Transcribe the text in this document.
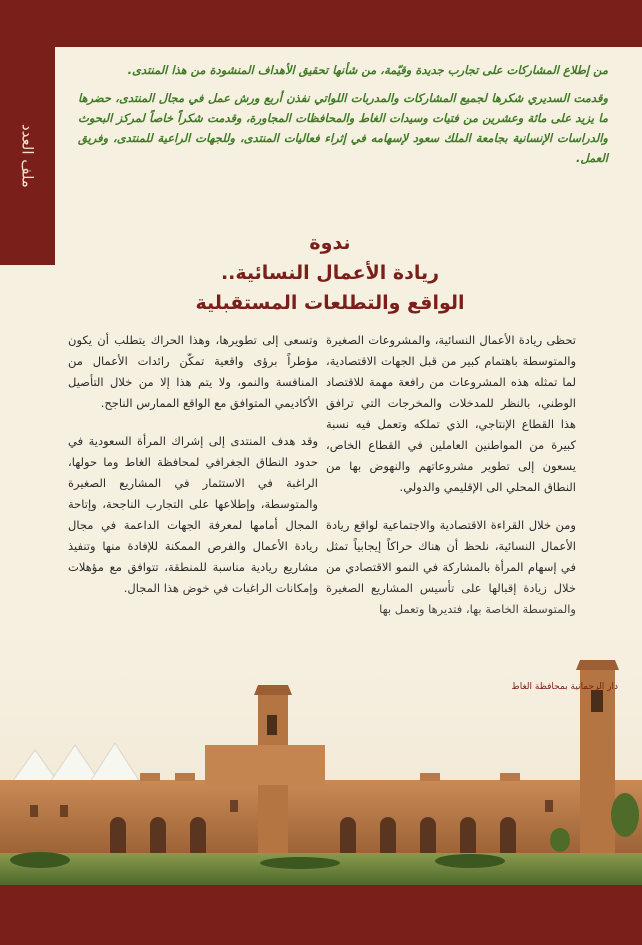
ملف العدد

من إطلاع المشاركات على تجارب جديدة وقيّمة، من شأنها تحقيق الأهداف المنشودة من هذا المنتدى.

وقدمت السديري شكرها لجميع المشاركات والمدربات اللواتي نفذن أربع ورش عمل في مجال المنتدى، حضرها ما يزيد على مائة وعشرين من فتيات وسيدات الغاط والمحافظات المجاورة، وقدمت شكراً خاصاً لمركز البحوث والدراسات الإنسانية بجامعة الملك سعود لإسهامه في إثراء فعاليات المنتدى، وللجهات الراعية للمنتدى، وفريق العمل.

ندوة
ريادة الأعمال النسائية..
الواقع والتطلعات المستقبلية

تحظى ريادة الأعمال النسائية، والمشروعات الصغيرة والمتوسطة باهتمام كبير من قبل الجهات الاقتصادية، لما تمثله هذه المشروعات من رافعة مهمة للاقتصاد الوطني، بالنظر للمدخلات والمخرجات التي ترافق هذا القطاع الإنتاجي، الذي تملكه وتعمل فيه نسبة كبيرة من المواطنين العاملين في القطاع الخاص، يسعون إلى تطوير مشروعاتهم والنهوض بها من النطاق المحلي الى الإقليمي والدولي.

ومن خلال القراءة الاقتصادية والاجتماعية لواقع ريادة الأعمال النسائية، نلحظ أن هناك حراكاً إيجابياً تمثل في إسهام المرأة بالمشاركة في النمو الاقتصادي من

وتسعى إلى تطويرها، وهذا الحراك يتطلب أن يكون مؤطراً برؤى واقعية تمكّن رائدات الأعمال من المنافسة والنمو، ولا يتم هذا إلا من خلال التأصيل الأكاديمي المتوافق مع الواقع الممارس الناجح.

وقد هدف المنتدى إلى إشراك المرأة السعودية في حدود النطاق الجغرافي لمحافظة الغاط وما حولها، الراغبة في الاستثمار في المشاريع الصغيرة والمتوسطة، وإطلاعها على التجارب الناجحة، وإتاحة المجال أمامها لمعرفة الجهات الداعمة في مجال ريادة الأعمال والفرص الممكنة للإفادة منها وتنفيذ مشاريع ريادية مناسبة للمنطقة، تتوافق مع مؤهلات

دار الرحمانية بمحافظة الغاط
